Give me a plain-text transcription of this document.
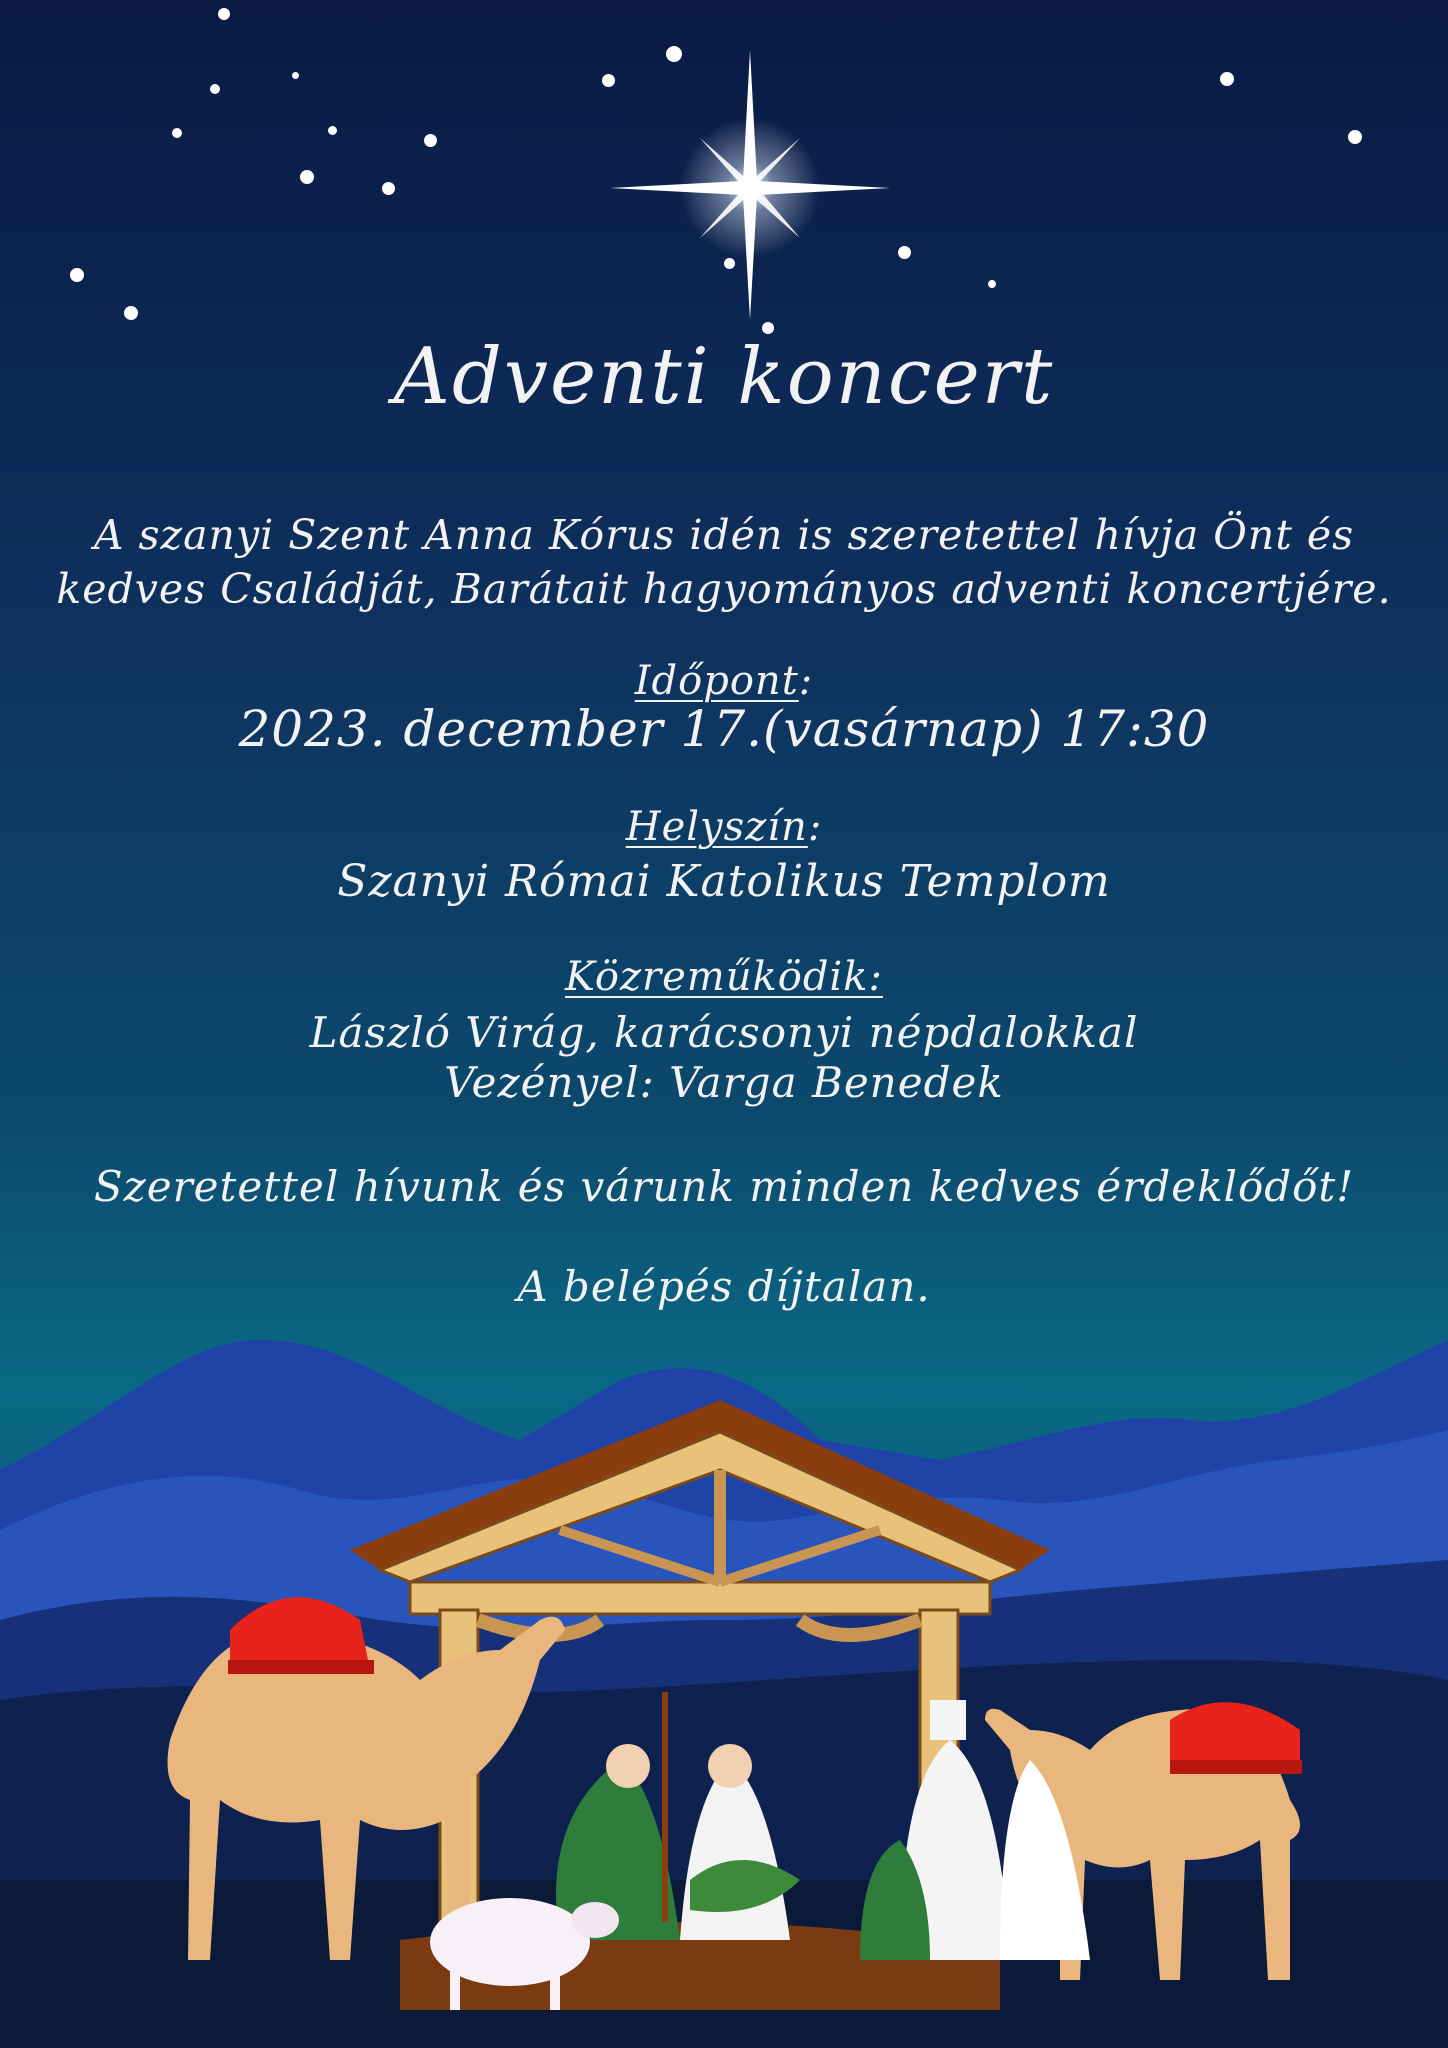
Adventi koncert
A szanyi Szent Anna Kórus idén is szeretettel hívja Önt és
kedves Családját, Barátait hagyományos adventi koncertjére.
Időpont:
2023. december 17.(vasárnap) 17:30
Helyszín:
Szanyi Római Katolikus Templom
Közreműködik:
László Virág, karácsonyi népdalokkal
Vezényel: Varga Benedek
Szeretettel hívunk és várunk minden kedves érdeklődőt!
A belépés díjtalan.
